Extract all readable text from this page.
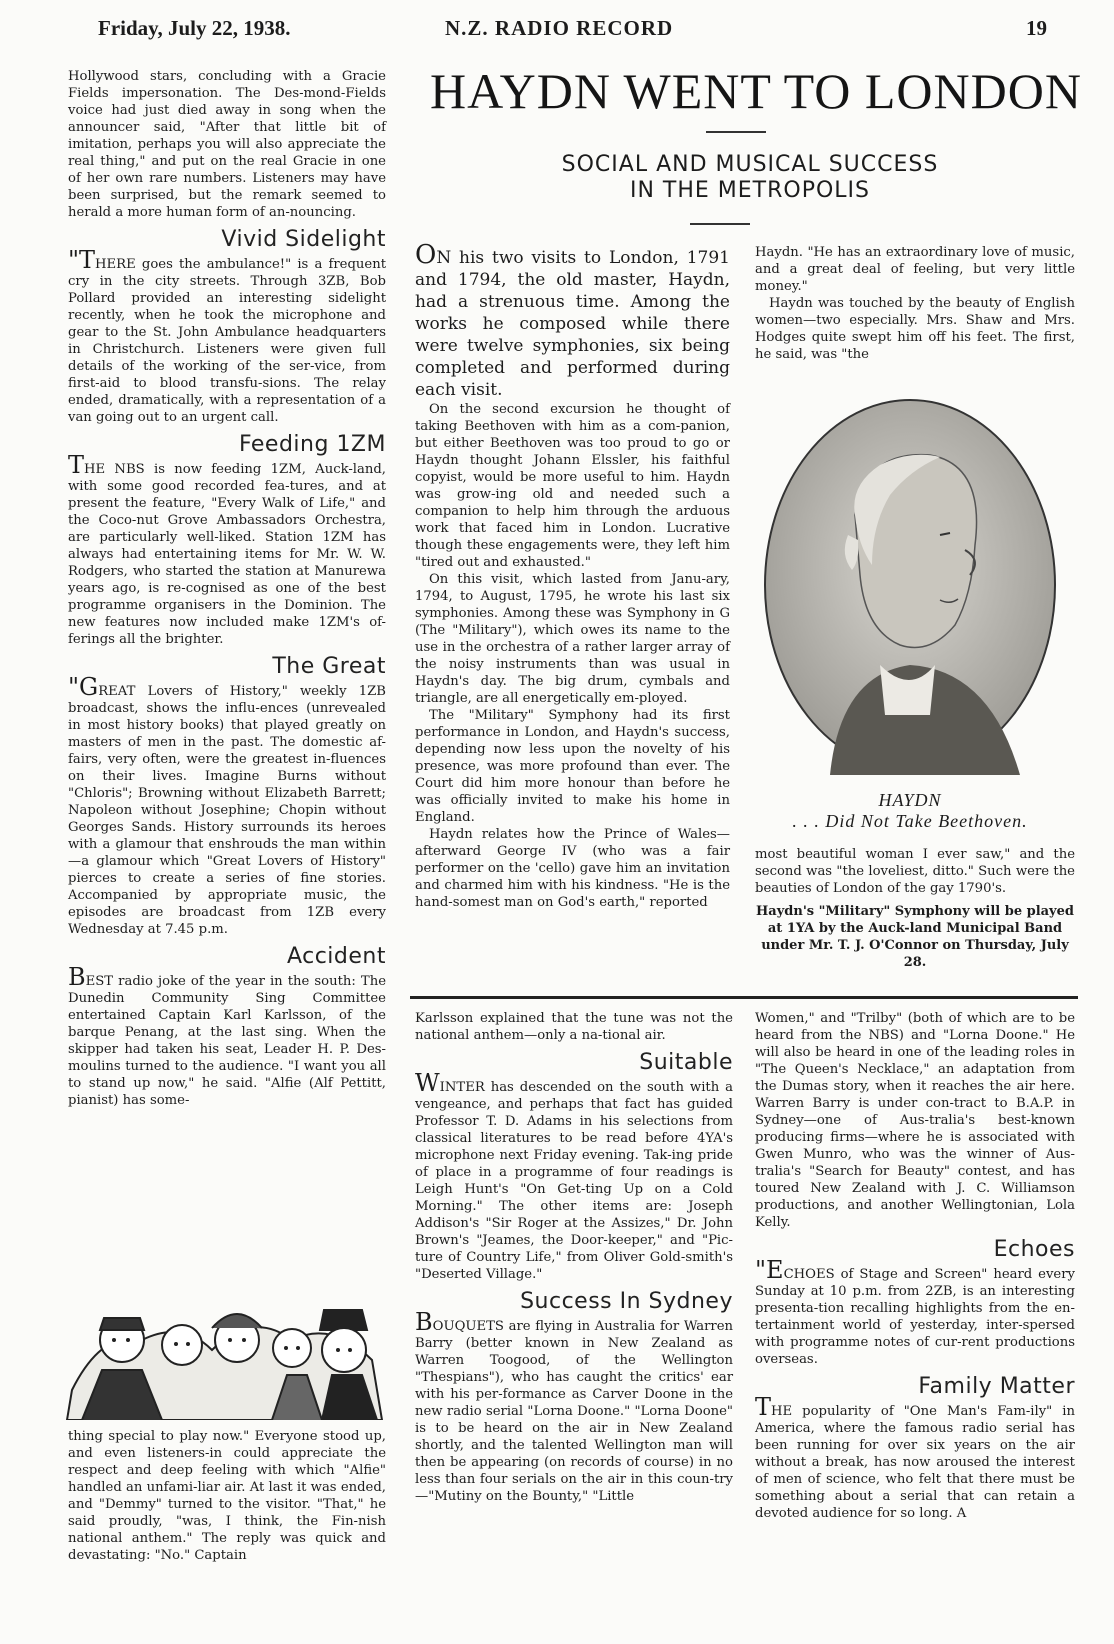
Friday, July 22, 1938.	N.Z. RADIO RECORD	19

Hollywood stars, concluding with a Gracie Fields impersonation. The Des-mond-Fields voice had just died away in song when the announcer said, "After that little bit of imitation, perhaps you will also appreciate the real thing," and put on the real Gracie in one of her own rare numbers. Listeners may have been surprised, but the remark seemed to herald a more human form of an-nouncing.

Vivid Sidelight

"THERE goes the ambulance!" is a frequent cry in the city streets. Through 3ZB, Bob Pollard provided an interesting sidelight recently, when he took the microphone and gear to the St. John Ambulance headquarters in Christchurch. Listeners were given full details of the working of the ser-vice, from first-aid to blood transfu-sions. The relay ended, dramatically, with a representation of a van going out to an urgent call.

Feeding 1ZM

THE NBS is now feeding 1ZM, Auck-land, with some good recorded fea-tures, and at present the feature, "Every Walk of Life," and the Coco-nut Grove Ambassadors Orchestra, are particularly well-liked. Station 1ZM has always had entertaining items for Mr. W. W. Rodgers, who started the station at Manurewa years ago, is re-cognised as one of the best programme organisers in the Dominion. The new features now included make 1ZM's of-ferings all the brighter.

The Great

"GREAT Lovers of History," weekly 1ZB broadcast, shows the influ-ences (unrevealed in most history books) that played greatly on masters of men in the past. The domestic af-fairs, very often, were the greatest in-fluences on their lives. Imagine Burns without "Chloris"; Browning without Elizabeth Barrett; Napoleon without Josephine; Chopin without Georges Sands. History surrounds its heroes with a glamour that enshrouds the man within—a glamour which "Great Lovers of History" pierces to create a series of fine stories. Accompanied by appropriate music, the episodes are broadcast from 1ZB every Wednesday at 7.45 p.m.

Accident

BEST radio joke of the year in the south: The Dunedin Community Sing Committee entertained Captain Karl Karlsson, of the barque Penang, at the last sing. When the skipper had taken his seat, Leader H. P. Des-moulins turned to the audience. "I want you all to stand up now," he said. "Alfie (Alf Pettitt, pianist) has some-

thing special to play now." Everyone stood up, and even listeners-in could appreciate the respect and deep feeling with which "Alfie" handled an unfami-liar air. At last it was ended, and "Demmy" turned to the visitor. "That," he said proudly, "was, I think, the Fin-nish national anthem." The reply was quick and devastating: "No." Captain

HAYDN WENT TO LONDON
SOCIAL AND MUSICAL SUCCESS
IN THE METROPOLIS

ON his two visits to London, 1791 and 1794, the old master, Haydn, had a strenuous time. Among the works he composed while there were twelve symphonies, six being completed and performed during each visit.

On the second excursion he thought of taking Beethoven with him as a com-panion, but either Beethoven was too proud to go or Haydn thought Johann Elssler, his faithful copyist, would be more useful to him. Haydn was grow-ing old and needed such a companion to help him through the arduous work that faced him in London. Lucrative though these engagements were, they left him "tired out and exhausted."

On this visit, which lasted from Janu-ary, 1794, to August, 1795, he wrote his last six symphonies. Among these was Symphony in G (The "Military"), which owes its name to the use in the orchestra of a rather larger array of the noisy instruments than was usual in Haydn's day. The big drum, cymbals and triangle, are all energetically em-ployed.

The "Military" Symphony had its first performance in London, and Haydn's success, depending now less upon the novelty of his presence, was more profound than ever. The Court did him more honour than before he was officially invited to make his home in England.

Haydn relates how the Prince of Wales—afterward George IV (who was a fair performer on the 'cello) gave him an invitation and charmed him with his kindness. "He is the hand-somest man on God's earth," reported

Haydn. "He has an extraordinary love of music, and a great deal of feeling, but very little money."

Haydn was touched by the beauty of English women—two especially. Mrs. Shaw and Mrs. Hodges quite swept him off his feet. The first, he said, was "the

HAYDN
. . . Did Not Take Beethoven.

most beautiful woman I ever saw," and the second was "the loveliest, ditto." Such were the beauties of London of the gay 1790's.

Haydn's "Military" Symphony will be played at 1YA by the Auck-land Municipal Band under Mr. T. J. O'Connor on Thursday, July 28.

Karlsson explained that the tune was not the national anthem—only a na-tional air.

Suitable

WINTER has descended on the south with a vengeance, and perhaps that fact has guided Professor T. D. Adams in his selections from classical literatures to be read before 4YA's microphone next Friday evening. Tak-ing pride of place in a programme of four readings is Leigh Hunt's "On Get-ting Up on a Cold Morning." The other items are: Joseph Addison's "Sir Roger at the Assizes," Dr. John Brown's "Jeames, the Door-keeper," and "Pic-ture of Country Life," from Oliver Gold-smith's "Deserted Village."

Success In Sydney

BOUQUETS are flying in Australia for Warren Barry (better known in New Zealand as Warren Toogood, of the Wellington "Thespians"), who has caught the critics' ear with his per-formance as Carver Doone in the new radio serial "Lorna Doone." "Lorna Doone" is to be heard on the air in New Zealand shortly, and the talented Wellington man will then be appearing (on records of course) in no less than four serials on the air in this coun-try—"Mutiny on the Bounty," "Little

Women," and "Trilby" (both of which are to be heard from the NBS) and "Lorna Doone." He will also be heard in one of the leading roles in "The Queen's Necklace," an adaptation from the Dumas story, when it reaches the air here. Warren Barry is under con-tract to B.A.P. in Sydney—one of Aus-tralia's best-known producing firms—where he is associated with Gwen Munro, who was the winner of Aus-tralia's "Search for Beauty" contest, and has toured New Zealand with J. C. Williamson productions, and another Wellingtonian, Lola Kelly.

Echoes

"ECHOES of Stage and Screen" heard every Sunday at 10 p.m. from 2ZB, is an interesting presenta-tion recalling highlights from the en-tertainment world of yesterday, inter-spersed with programme notes of cur-rent productions overseas.

Family Matter

THE popularity of "One Man's Fam-ily" in America, where the famous radio serial has been running for over six years on the air without a break, has now aroused the interest of men of science, who felt that there must be something about a serial that can retain a devoted audience for so long. A
